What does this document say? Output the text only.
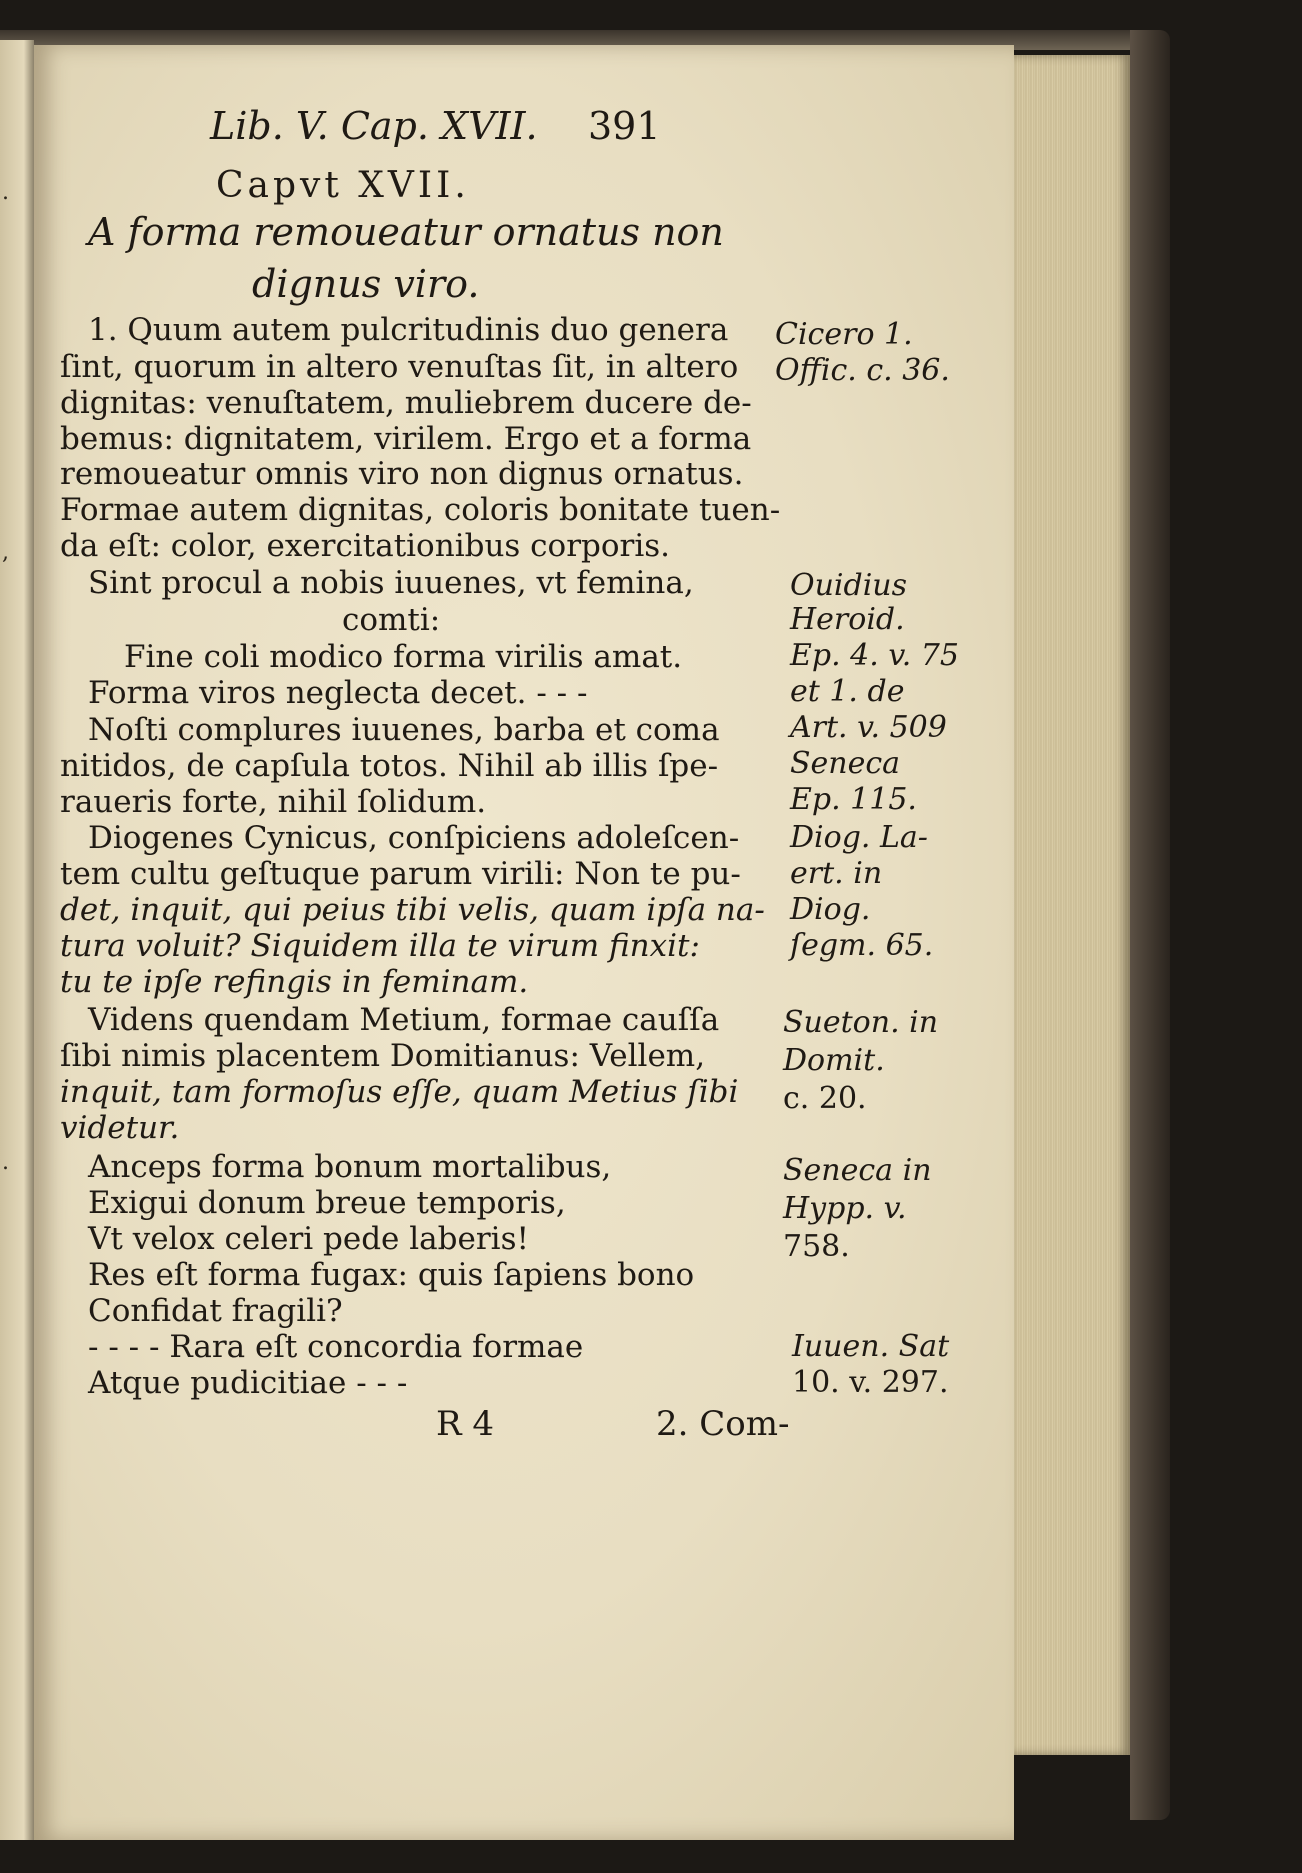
.
,
.
Lib. V. Cap. XVII. 391
Capvt XVII.
A forma remoueatur ornatus non
dignus viro.
1. Quum autem pulcritudinis duo genera
ſint, quorum in altero venuſtas ſit, in altero
dignitas: venuſtatem, muliebrem ducere de-
bemus: dignitatem, virilem. Ergo et a forma
remoueatur omnis viro non dignus ornatus.
Formae autem dignitas, coloris bonitate tuen-
da eſt: color, exercitationibus corporis.
Sint procul a nobis iuuenes, vt femina,
comti:
Fine coli modico forma virilis amat.
Forma viros neglecta decet. - - -
Noſti complures iuuenes, barba et coma
nitidos, de capſula totos. Nihil ab illis ſpe-
raueris forte, nihil ſolidum.
Diogenes Cynicus, conſpiciens adoleſcen-
tem cultu geſtuque parum virili: Non te pu-
det, inquit, qui peius tibi velis, quam ipſa na-
tura voluit? Siquidem illa te virum finxit:
tu te ipſe refingis in feminam.
Videns quendam Metium, formae cauſſa
ſibi nimis placentem Domitianus: Vellem,
inquit, tam formoſus eſſe, quam Metius ſibi
videtur.
Anceps forma bonum mortalibus,
Exigui donum breue temporis,
Vt velox celeri pede laberis!
Res eſt forma fugax: quis ſapiens bono
Confidat fragili?
- - - - Rara eſt concordia formae
Atque pudicitiae - - -
Cicero 1.
Offic. c. 36.
Ouidius
Heroid.
Ep. 4. v. 75
et 1. de
Art. v. 509
Seneca
Ep. 115.
Diog. La-
ert. in
Diog.
ſegm. 65.
Sueton. in
Domit.
c. 20.
Seneca in
Hypp. v.
758.
Iuuen. Sat
10. v. 297.
R 4	2. Com-
